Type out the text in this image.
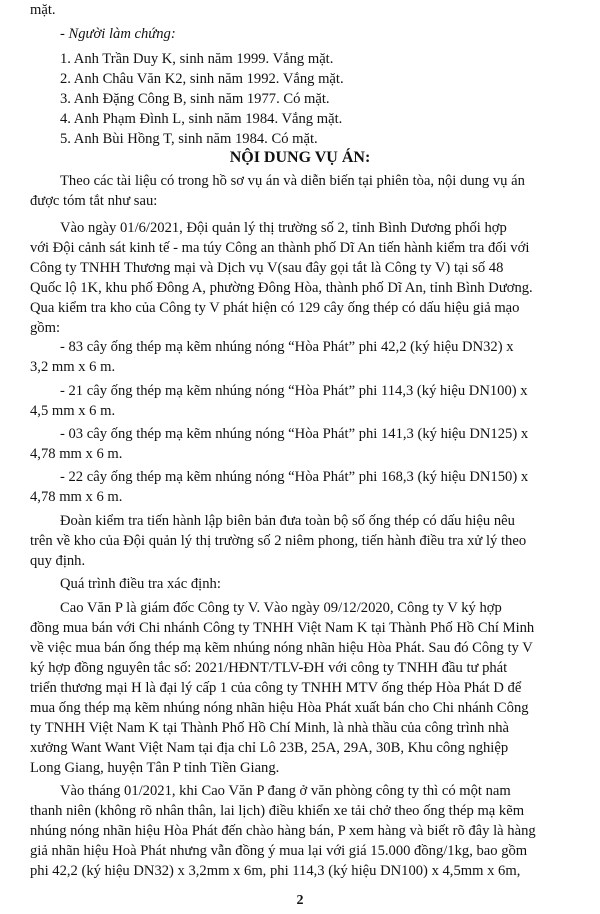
mặt.
- Người làm chứng:
1. Anh Trần Duy K, sinh năm 1999. Vắng mặt.
2. Anh Châu Văn K2, sinh năm 1992. Vắng mặt.
3. Anh Đặng Công B, sinh năm 1977. Có mặt.
4. Anh Phạm Đình L, sinh năm 1984. Vắng mặt.
5. Anh Bùi Hồng T, sinh năm 1984. Có mặt.
NỘI DUNG VỤ ÁN:
Theo các tài liệu có trong hồ sơ vụ án và diễn biến tại phiên tòa, nội dung vụ án
được tóm tắt như sau:
Vào ngày 01/6/2021, Đội quản lý thị trường số 2, tỉnh Bình Dương phối hợp
với Đội cảnh sát kinh tế - ma túy Công an thành phố Dĩ An tiến hành kiểm tra đối với
Công ty TNHH Thương mại và Dịch vụ V(sau đây gọi tắt là Công ty V) tại số 48
Quốc lộ 1K, khu phố Đông A, phường Đông Hòa, thành phố Dĩ An, tỉnh Bình Dương.
Qua kiểm tra kho của Công ty V phát hiện có 129 cây ống thép có dấu hiệu giả mạo
gồm:
- 83 cây ống thép mạ kẽm nhúng nóng “Hòa Phát” phi 42,2 (ký hiệu DN32) x
3,2 mm x 6 m.
- 21 cây ống thép mạ kẽm nhúng nóng “Hòa Phát” phi 114,3 (ký hiệu DN100) x
4,5 mm x 6 m.
- 03 cây ống thép mạ kẽm nhúng nóng “Hòa Phát” phi 141,3 (ký hiệu DN125) x
4,78 mm x 6 m.
- 22 cây ống thép mạ kẽm nhúng nóng “Hòa Phát” phi 168,3 (ký hiệu DN150) x
4,78 mm x 6 m.
Đoàn kiểm tra tiến hành lập biên bản đưa toàn bộ số ống thép có dấu hiệu nêu
trên về kho của Đội quản lý thị trường số 2 niêm phong, tiến hành điều tra xử lý theo
quy định.
Quá trình điều tra xác định:
Cao Văn P là giám đốc Công ty V. Vào ngày 09/12/2020, Công ty V ký hợp
đồng mua bán với Chi nhánh Công ty TNHH Việt Nam K tại Thành Phố Hồ Chí Minh
về việc mua bán ống thép mạ kẽm nhúng nóng nhãn hiệu Hòa Phát. Sau đó Công ty V
ký hợp đồng nguyên tắc số: 2021/HĐNT/TLV-ĐH với công ty TNHH đầu tư phát
triển thương mại H là đại lý cấp 1 của công ty TNHH MTV ống thép Hòa Phát D để
mua ống thép mạ kẽm nhúng nóng nhãn hiệu Hòa Phát xuất bán cho Chi nhánh Công
ty TNHH Việt Nam K tại Thành Phố Hồ Chí Minh, là nhà thầu của công trình nhà
xưởng Want Want Việt Nam tại địa chỉ Lô 23B, 25A, 29A, 30B, Khu công nghiệp
Long Giang, huyện Tân P tỉnh Tiền Giang.
Vào tháng 01/2021, khi Cao Văn P đang ở văn phòng công ty thì có một nam
thanh niên (không rõ nhân thân, lai lịch) điều khiển xe tải chở theo ống thép mạ kẽm
nhúng nóng nhãn hiệu Hòa Phát đến chào hàng bán, P xem hàng và biết rõ đây là hàng
giả nhãn hiệu Hoà Phát nhưng vẫn đồng ý mua lại với giá 15.000 đồng/1kg, bao gồm
phi 42,2 (ký hiệu DN32) x 3,2mm x 6m, phi 114,3 (ký hiệu DN100) x 4,5mm x 6m,
2
